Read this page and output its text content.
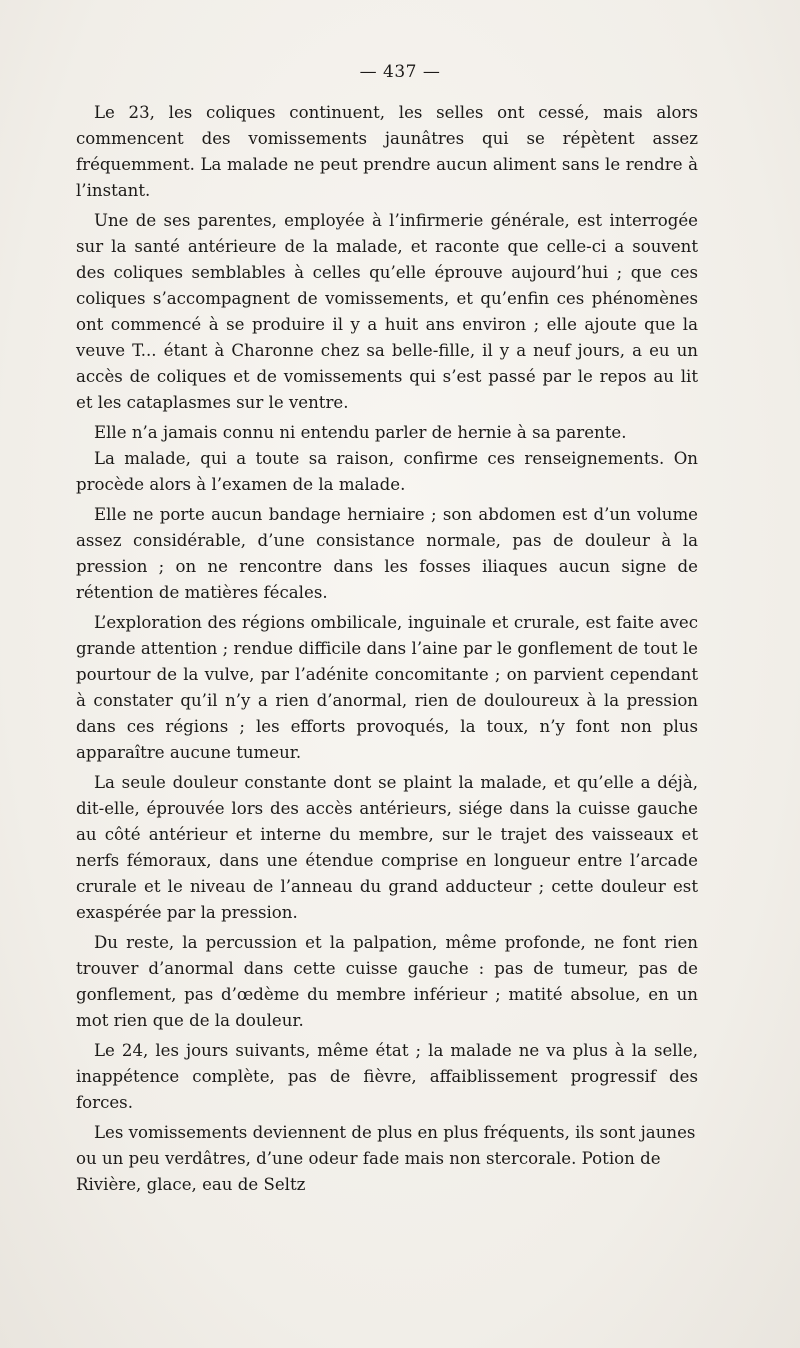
— 437 —

Le 23, les coliques continuent, les selles ont cessé, mais alors commencent des vomissements jaunâtres qui se répètent assez fréquemment. La malade ne peut prendre aucun aliment sans le rendre à l’instant.

Une de ses parentes, employée à l’infirmerie générale, est interrogée sur la santé antérieure de la malade, et raconte que celle-ci a souvent des coliques semblables à celles qu’elle éprouve aujourd’hui ; que ces coliques s’accompagnent de vomissements, et qu’enfin ces phénomènes ont commencé à se produire il y a huit ans environ ; elle ajoute que la veuve T... étant à Charonne chez sa belle-fille, il y a neuf jours, a eu un accès de coliques et de vomissements qui s’est passé par le repos au lit et les cataplasmes sur le ventre.

Elle n’a jamais connu ni entendu parler de hernie à sa parente.

La malade, qui a toute sa raison, confirme ces renseignements. On procède alors à l’examen de la malade.

Elle ne porte aucun bandage herniaire ; son abdomen est d’un volume assez considérable, d’une consistance normale, pas de douleur à la pression ; on ne rencontre dans les fosses iliaques aucun signe de rétention de matières fécales.

L’exploration des régions ombilicale, inguinale et crurale, est faite avec grande attention ; rendue difficile dans l’aine par le gonflement de tout le pourtour de la vulve, par l’adénite concomitante ; on parvient cependant à constater qu’il n’y a rien d’anormal, rien de douloureux à la pression dans ces régions ; les efforts provoqués, la toux, n’y font non plus apparaître aucune tumeur.

La seule douleur constante dont se plaint la malade, et qu’elle a déjà, dit-elle, éprouvée lors des accès antérieurs, siége dans la cuisse gauche au côté antérieur et interne du membre, sur le trajet des vaisseaux et nerfs fémoraux, dans une étendue comprise en longueur entre l’arcade crurale et le niveau de l’anneau du grand adducteur ; cette douleur est exaspérée par la pression.

Du reste, la percussion et la palpation, même profonde, ne font rien trouver d’anormal dans cette cuisse gauche : pas de tumeur, pas de gonflement, pas d’œdème du membre inférieur ; matité absolue, en un mot rien que de la douleur.

Le 24, les jours suivants, même état ; la malade ne va plus à la selle, inappétence complète, pas de fièvre, affaiblissement progressif des forces.

Les vomissements deviennent de plus en plus fréquents, ils sont jaunes ou un peu verdâtres, d’une odeur fade mais non stercorale. Potion de Rivière, glace, eau de Seltz
